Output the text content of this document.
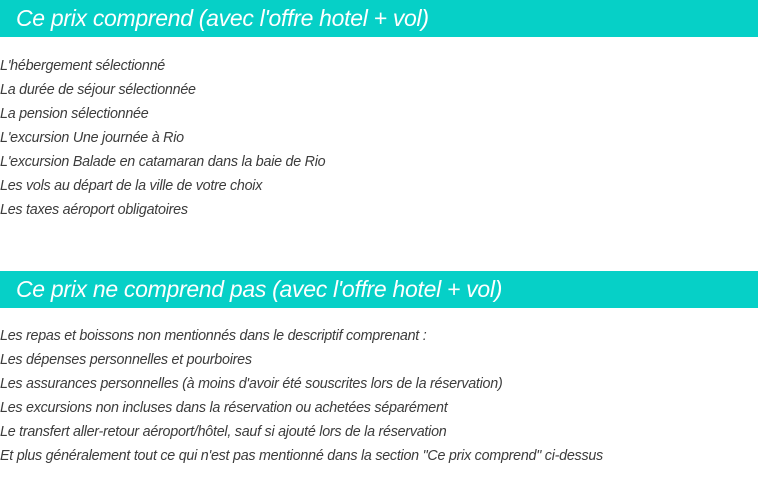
Ce prix comprend (avec l'offre hotel + vol)
L'hébergement sélectionné
La durée de séjour sélectionnée
La pension sélectionnée
L'excursion Une journée à Rio
L'excursion Balade en catamaran dans la baie de Rio
Les vols au départ de la ville de votre choix
Les taxes aéroport obligatoires
Ce prix ne comprend pas (avec l'offre hotel + vol)
Les repas et boissons non mentionnés dans le descriptif comprenant :
Les dépenses personnelles et pourboires
Les assurances personnelles (à moins d'avoir été souscrites lors de la réservation)
Les excursions non incluses dans la réservation ou achetées séparément
Le transfert aller-retour aéroport/hôtel, sauf si ajouté lors de la réservation
Et plus généralement tout ce qui n'est pas mentionné dans la section "Ce prix comprend" ci-dessus
